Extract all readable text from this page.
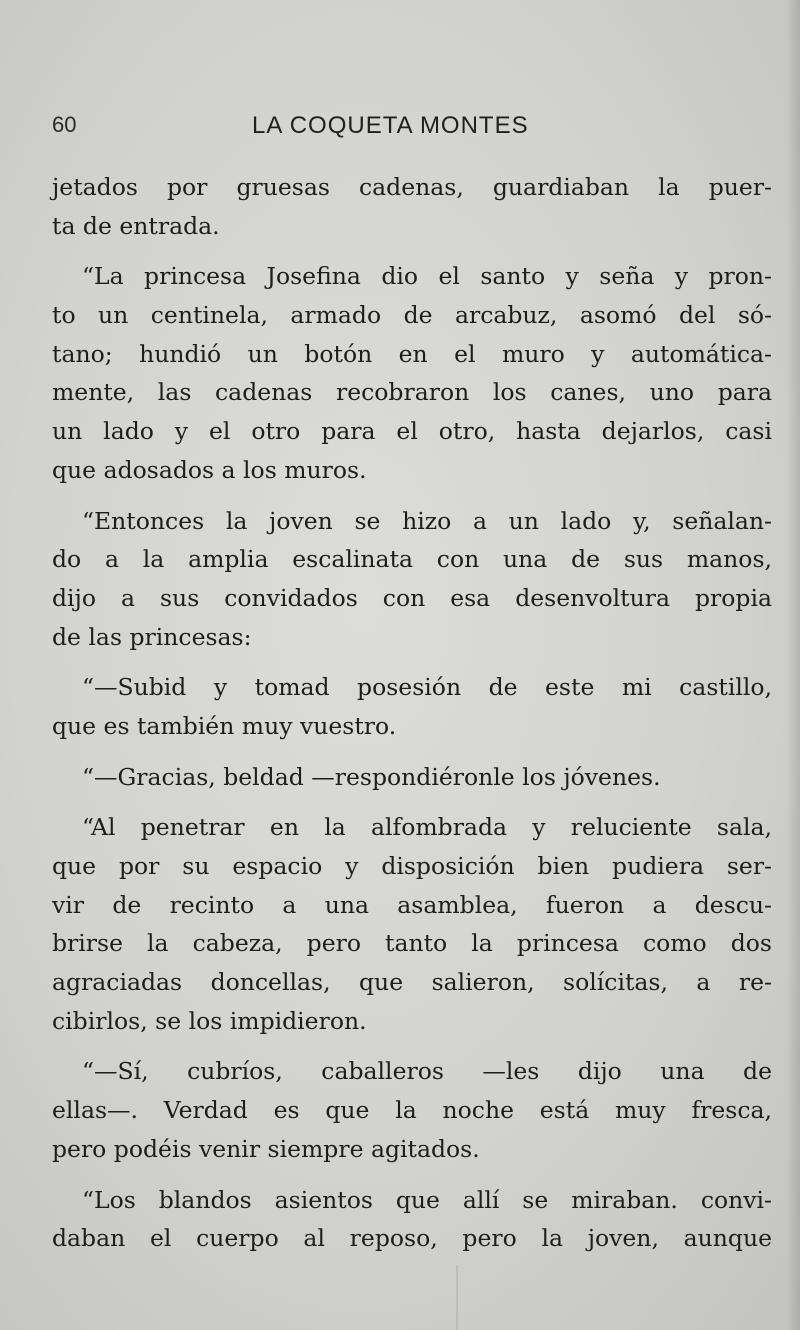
60	LA COQUETA MONTES

jetados por gruesas cadenas, guardiaban la puer-
ta de entrada.

“La princesa Josefina dio el santo y seña y pron-
to un centinela, armado de arcabuz, asomó del só-
tano; hundió un botón en el muro y automática-
mente, las cadenas recobraron los canes, uno para
un lado y el otro para el otro, hasta dejarlos, casi
que adosados a los muros.

“Entonces la joven se hizo a un lado y, señalan-
do a la amplia escalinata con una de sus manos,
dijo a sus convidados con esa desenvoltura propia
de las princesas:

“—Subid y tomad posesión de este mi castillo,
que es también muy vuestro.

“—Gracias, beldad —respondiéronle los jóvenes.

“Al penetrar en la alfombrada y reluciente sala,
que por su espacio y disposición bien pudiera ser-
vir de recinto a una asamblea, fueron a descu-
brirse la cabeza, pero tanto la princesa como dos
agraciadas doncellas, que salieron, solícitas, a re-
cibirlos, se los impidieron.

“—Sí, cubríos, caballeros —les dijo una de
ellas—. Verdad es que la noche está muy fresca,
pero podéis venir siempre agitados.

“Los blandos asientos que allí se miraban. convi-
daban el cuerpo al reposo, pero la joven, aunque
